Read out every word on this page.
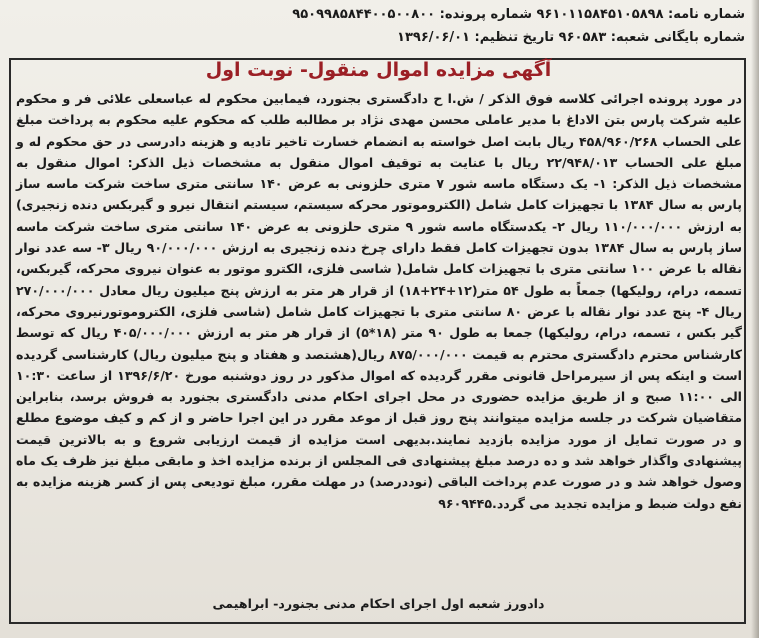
شماره نامه: ۹۶۱۰۱۱۵۸۴۵۱۰۵۸۹۸ شماره پرونده: ۹۵۰۹۹۸۵۸۴۴۰۰۵۰۰۸۰۰
شماره بایگانی شعبه: ۹۶۰۵۸۳ تاریخ تنظیم: ۱۳۹۶/۰۶/۰۱
آگهی مزایده اموال منقول- نوبت اول
در مورد پرونده اجرائی کلاسه فوق الذکر / ش.ا ح دادگستری بجنورد، فیمابین محکوم له عباسعلی علائی فر و محکوم علیه شرکت پارس بتن الاداغ با مدیر عاملی محسن مهدی نژاد بر مطالبه طلب که محکوم علیه محکوم به پرداخت مبلغ علی الحساب ۴۵۸/۹۶۰/۲۶۸ ریال بابت اصل خواسته به انضمام خسارت تاخیر تادیه و هزینه دادرسی در حق محکوم له و مبلغ علی الحساب ۲۲/۹۴۸/۰۱۳ ریال با عنایت به توقیف اموال منقول به مشخصات ذیل الذکر: اموال منقول به مشخصات ذیل الذکر: ۱- یک دستگاه ماسه شور ۷ متری حلزونی به عرض ۱۴۰ سانتی متری ساخت شرکت ماسه ساز پارس به سال ۱۳۸۴ با تجهیزات کامل شامل (الکتروموتور محرکه سیستم، سیستم انتقال نیرو و گیربکس دنده زنجیری) به ارزش ۱۱۰/۰۰۰/۰۰۰ ریال ۲- یکدستگاه ماسه شور ۹ متری حلزونی به عرض ۱۴۰ سانتی متری ساخت شرکت ماسه ساز پارس به سال ۱۳۸۴ بدون تجهیزات کامل فقط دارای چرخ دنده زنجیری به ارزش ۹۰/۰۰۰/۰۰۰ ریال ۳- سه عدد نوار نقاله با عرض ۱۰۰ سانتی متری با تجهیزات کامل شامل( شاسی فلزی، الکترو موتور به عنوان نیروی محرکه، گیربکس، تسمه، درام، رولیکها) جمعاً به طول ۵۴ متر(۱۲+۲۴+۱۸) از قرار هر متر به ارزش پنج میلیون ریال معادل ۲۷۰/۰۰۰/۰۰۰ ریال ۴- پنج عدد نوار نقاله با عرض ۸۰ سانتی متری با تجهیزات کامل شامل (شاسی فلزی، الکتروموتورنیروی محرکه، گیر بکس ، تسمه، درام، رولیکها) جمعا به طول ۹۰ متر (۱۸*۵) از قرار هر متر به ارزش ۴۰۵/۰۰۰/۰۰۰ ریال که توسط کارشناس محترم دادگستری محترم به قیمت ۸۷۵/۰۰۰/۰۰۰ ریال(هشتصد و هفتاد و پنج میلیون ریال) کارشناسی گردیده است و اینکه پس از سیرمراحل قانونی مقرر گردیده که اموال مذکور در روز دوشنبه مورخ ۱۳۹۶/۶/۲۰ از ساعت ۱۰:۳۰ الی ۱۱:۰۰ صبح و از طریق مزایده حضوری در محل اجرای احکام مدنی دادگستری بجنورد به فروش برسد، بنابراین متقاضیان شرکت در جلسه مزایده میتوانند پنج روز قبل از موعد مقرر در این اجرا حاضر و از کم و کیف موضوع مطلع و در صورت تمایل از مورد مزایده بازدید نمایند.بدیهی است مزایده از قیمت ارزیابی شروع و به بالاترین قیمت پیشنهادی واگذار خواهد شد و ده درصد مبلغ پیشنهادی فی المجلس از برنده مزایده اخذ و مابقی مبلغ نیز ظرف یک ماه وصول خواهد شد و در صورت عدم پرداخت الباقی (نوددرصد) در مهلت مقرر، مبلغ تودیعی پس از کسر هزینه مزایده به نفع دولت ضبط و مزایده تجدید می گردد.۹۶۰۹۴۴۵
دادورز شعبه اول اجرای احکام مدنی بجنورد- ابراهیمی
